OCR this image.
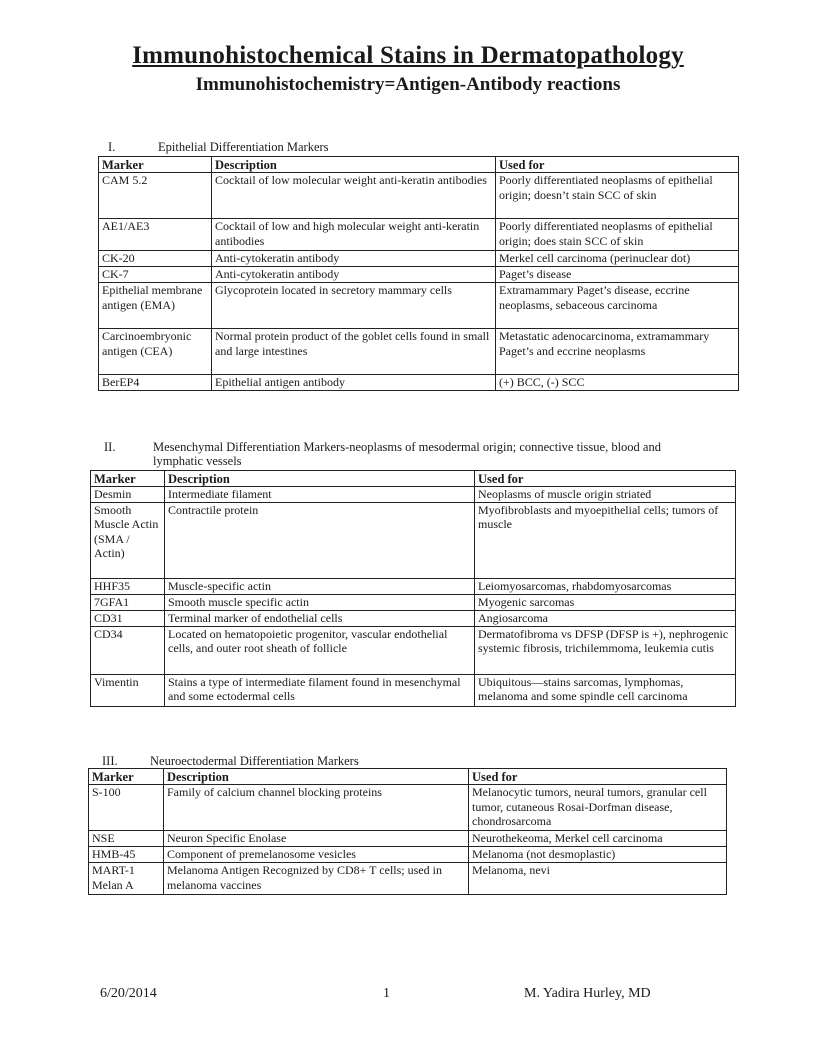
Immunohistochemical Stains in Dermatopathology
Immunohistochemistry=Antigen-Antibody reactions
I.	Epithelial Differentiation Markers
Marker	Description	Used for
CAM 5.2	Cocktail of low molecular weight anti-keratin antibodies	Poorly differentiated neoplasms of epithelial origin; doesn’t stain SCC of skin
AE1/AE3	Cocktail of low and high molecular weight anti-keratin antibodies	Poorly differentiated neoplasms of epithelial origin; does stain SCC of skin
CK-20	Anti-cytokeratin antibody	Merkel cell carcinoma (perinuclear dot)
CK-7	Anti-cytokeratin antibody	Paget’s disease
Epithelial membrane antigen (EMA)	Glycoprotein located in secretory mammary cells	Extramammary Paget’s disease, eccrine neoplasms, sebaceous carcinoma
Carcinoembryonic antigen (CEA)	Normal protein product of the goblet cells found in small and large intestines	Metastatic adenocarcinoma, extramammary Paget’s and eccrine neoplasms
BerEP4	Epithelial antigen antibody	(+) BCC, (-) SCC
II.	Mesenchymal Differentiation Markers-neoplasms of mesodermal origin; connective tissue, blood and lymphatic vessels
Marker	Description	Used for
Desmin	Intermediate filament	Neoplasms of muscle origin striated
Smooth Muscle Actin (SMA / Actin)	Contractile protein	Myofibroblasts and myoepithelial cells; tumors of muscle
HHF35	Muscle-specific actin	Leiomyosarcomas, rhabdomyosarcomas
7GFA1	Smooth muscle specific actin	Myogenic sarcomas
CD31	Terminal marker of endothelial cells	Angiosarcoma
CD34	Located on hematopoietic progenitor, vascular endothelial cells, and outer root sheath of follicle	Dermatofibroma vs DFSP (DFSP is +), nephrogenic systemic fibrosis, trichilemmoma, leukemia cutis
Vimentin	Stains a type of intermediate filament found in mesenchymal and some ectodermal cells	Ubiquitous—stains sarcomas, lymphomas, melanoma and some spindle cell carcinoma
III.	Neuroectodermal Differentiation Markers
Marker	Description	Used for
S-100	Family of calcium channel blocking proteins	Melanocytic tumors, neural tumors, granular cell tumor, cutaneous Rosai-Dorfman disease, chondrosarcoma
NSE	Neuron Specific Enolase	Neurothekeoma, Merkel cell carcinoma
HMB-45	Component of premelanosome vesicles	Melanoma (not desmoplastic)
MART-1 Melan A	Melanoma Antigen Recognized by CD8+ T cells; used in melanoma vaccines	Melanoma, nevi
6/20/2014	1	M. Yadira Hurley, MD
